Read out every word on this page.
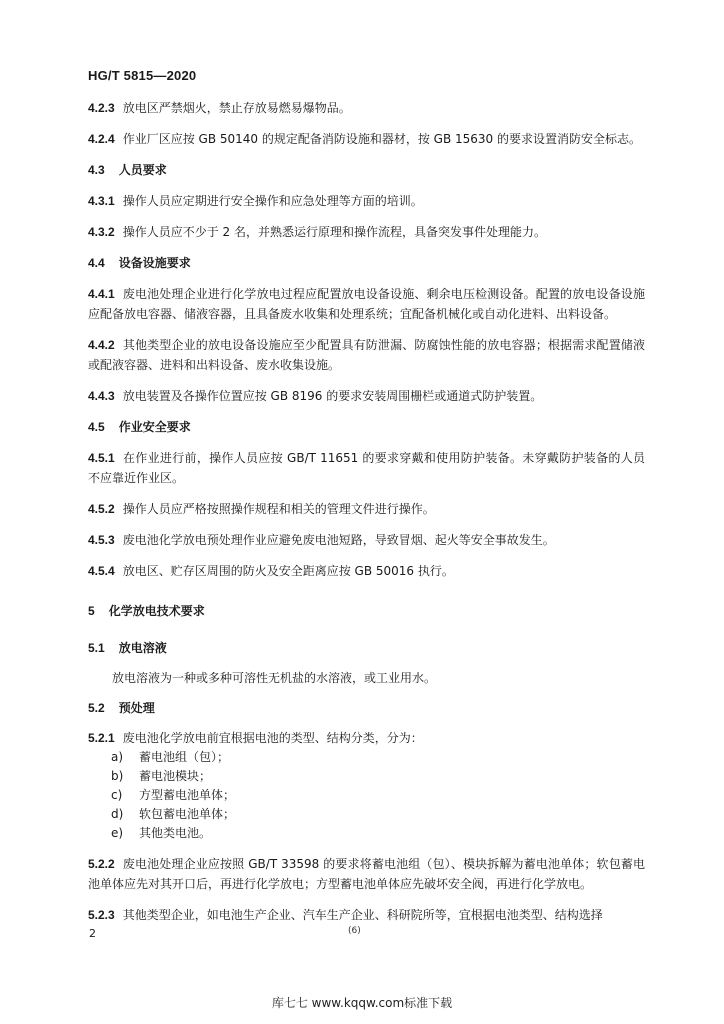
HG/T 5815—2020

4.2.3 放电区严禁烟火，禁止存放易燃易爆物品。

4.2.4 作业厂区应按 GB 50140 的规定配备消防设施和器材，按 GB 15630 的要求设置消防安全标志。

4.3 人员要求

4.3.1 操作人员应定期进行安全操作和应急处理等方面的培训。

4.3.2 操作人员应不少于 2 名，并熟悉运行原理和操作流程，具备突发事件处理能力。

4.4 设备设施要求

4.4.1 废电池处理企业进行化学放电过程应配置放电设备设施、剩余电压检测设备。配置的放电设备设施应配备放电容器、储液容器，且具备废水收集和处理系统；宜配备机械化或自动化进料、出料设备。

4.4.2 其他类型企业的放电设备设施应至少配置具有防泄漏、防腐蚀性能的放电容器；根据需求配置储液或配液容器、进料和出料设备、废水收集设施。

4.4.3 放电装置及各操作位置应按 GB 8196 的要求安装周围栅栏或通道式防护装置。

4.5 作业安全要求

4.5.1 在作业进行前，操作人员应按 GB/T 11651 的要求穿戴和使用防护装备。未穿戴防护装备的人员不应靠近作业区。

4.5.2 操作人员应严格按照操作规程和相关的管理文件进行操作。

4.5.3 废电池化学放电预处理作业应避免废电池短路，导致冒烟、起火等安全事故发生。

4.5.4 放电区、贮存区周围的防火及安全距离应按 GB 50016 执行。

5 化学放电技术要求

5.1 放电溶液

放电溶液为一种或多种可溶性无机盐的水溶液，或工业用水。

5.2 预处理

5.2.1 废电池化学放电前宜根据电池的类型、结构分类，分为：

a) 蓄电池组（包）；

b) 蓄电池模块；

c) 方型蓄电池单体；

d) 软包蓄电池单体；

e) 其他类电池。

5.2.2 废电池处理企业应按照 GB/T 33598 的要求将蓄电池组（包）、模块拆解为蓄电池单体；软包蓄电池单体应先对其开口后，再进行化学放电；方型蓄电池单体应先破坏安全阀，再进行化学放电。

5.2.3 其他类型企业，如电池生产企业、汽车生产企业、科研院所等，宜根据电池类型、结构选择

2	(6)
库七七 www.kqqw.com标准下载
